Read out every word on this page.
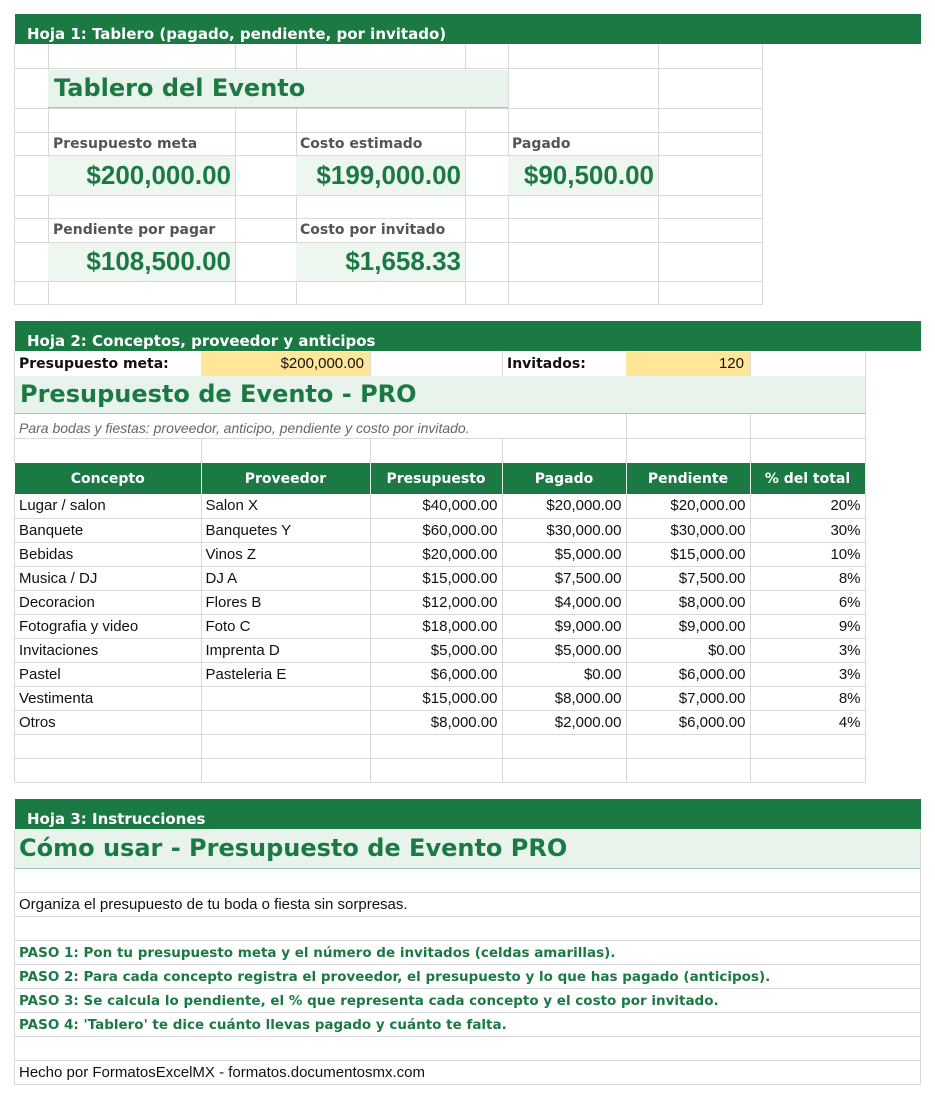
Hoja 1: Tablero (pagado, pendiente, por invitado)
Tablero del Evento
Presupuesto meta
$200,000.00
Costo estimado
$199,000.00
Pagado
$90,500.00
Pendiente por pagar
$108,500.00
Costo por invitado
$1,658.33
Hoja 2: Conceptos, proveedor y anticipos
Presupuesto meta:	$200,000.00	Invitados:	120
Presupuesto de Evento - PRO
Para bodas y fiestas: proveedor, anticipo, pendiente y costo por invitado.
Concepto	Proveedor	Presupuesto	Pagado	Pendiente	% del total
Lugar / salon	Salon X	$40,000.00	$20,000.00	$20,000.00	20%
Banquete	Banquetes Y	$60,000.00	$30,000.00	$30,000.00	30%
Bebidas	Vinos Z	$20,000.00	$5,000.00	$15,000.00	10%
Musica / DJ	DJ A	$15,000.00	$7,500.00	$7,500.00	8%
Decoracion	Flores B	$12,000.00	$4,000.00	$8,000.00	6%
Fotografia y video	Foto C	$18,000.00	$9,000.00	$9,000.00	9%
Invitaciones	Imprenta D	$5,000.00	$5,000.00	$0.00	3%
Pastel	Pasteleria E	$6,000.00	$0.00	$6,000.00	3%
Vestimenta		$15,000.00	$8,000.00	$7,000.00	8%
Otros		$8,000.00	$2,000.00	$6,000.00	4%

Hoja 3: Instrucciones
Cómo usar - Presupuesto de Evento PRO
Organiza el presupuesto de tu boda o fiesta sin sorpresas.
PASO 1: Pon tu presupuesto meta y el número de invitados (celdas amarillas).
PASO 2: Para cada concepto registra el proveedor, el presupuesto y lo que has pagado (anticipos).
PASO 3: Se calcula lo pendiente, el % que representa cada concepto y el costo por invitado.
PASO 4: 'Tablero' te dice cuánto llevas pagado y cuánto te falta.
Hecho por FormatosExcelMX - formatos.documentosmx.com
